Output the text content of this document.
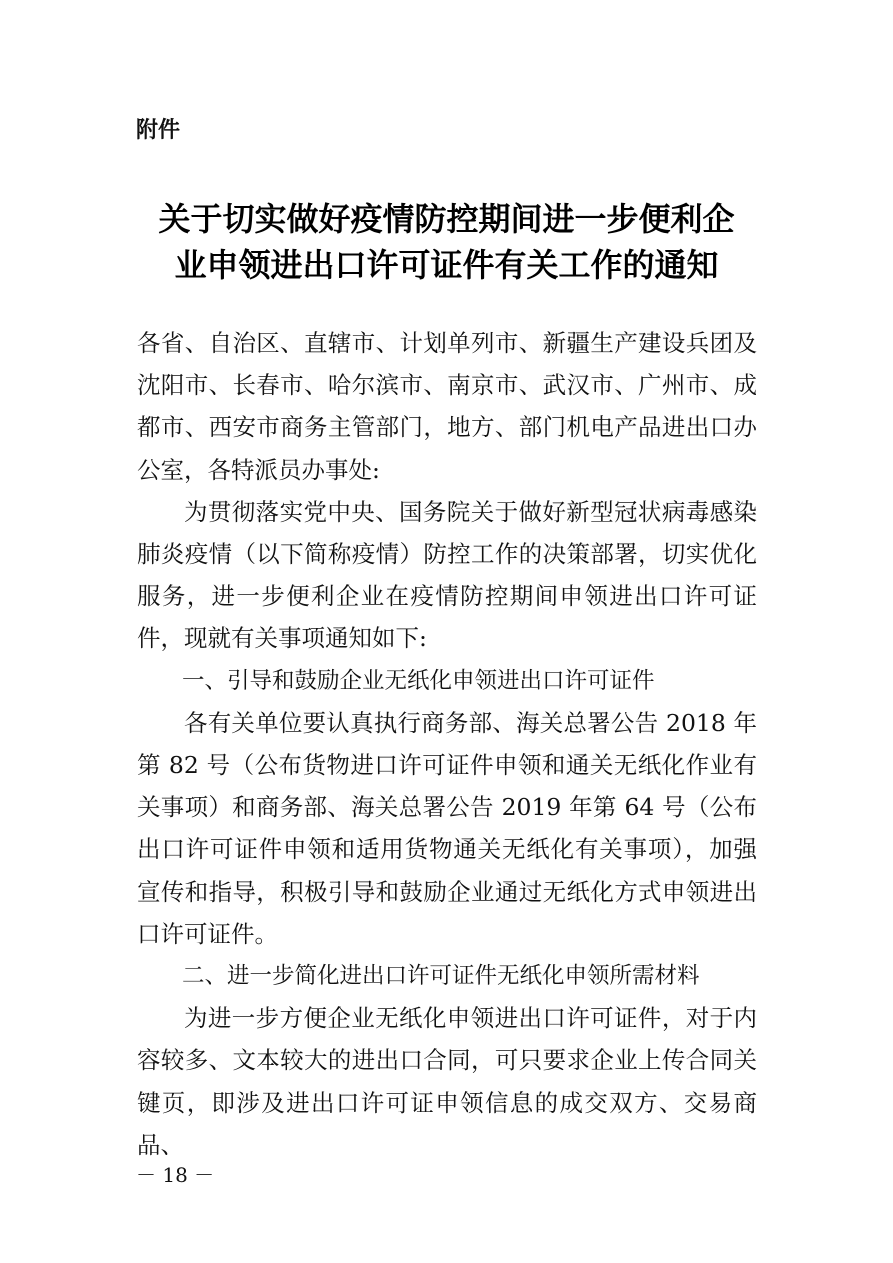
附件
关于切实做好疫情防控期间进一步便利企
业申领进出口许可证件有关工作的通知

各省、自治区、直辖市、计划单列市、新疆生产建设兵团及沈阳市、长春市、哈尔滨市、南京市、武汉市、广州市、成都市、西安市商务主管部门，地方、部门机电产品进出口办公室，各特派员办事处:

为贯彻落实党中央、国务院关于做好新型冠状病毒感染肺炎疫情（以下简称疫情）防控工作的决策部署，切实优化服务，进一步便利企业在疫情防控期间申领进出口许可证件，现就有关事项通知如下:

一、引导和鼓励企业无纸化申领进出口许可证件

各有关单位要认真执行商务部、海关总署公告 2018 年第 82 号（公布货物进口许可证件申领和通关无纸化作业有关事项）和商务部、海关总署公告 2019 年第 64 号（公布出口许可证件申领和适用货物通关无纸化有关事项），加强宣传和指导，积极引导和鼓励企业通过无纸化方式申领进出口许可证件。

二、进一步简化进出口许可证件无纸化申领所需材料

为进一步方便企业无纸化申领进出口许可证件，对于内容较多、文本较大的进出口合同，可只要求企业上传合同关键页，即涉及进出口许可证申领信息的成交双方、交易商品、

－ 18 －
